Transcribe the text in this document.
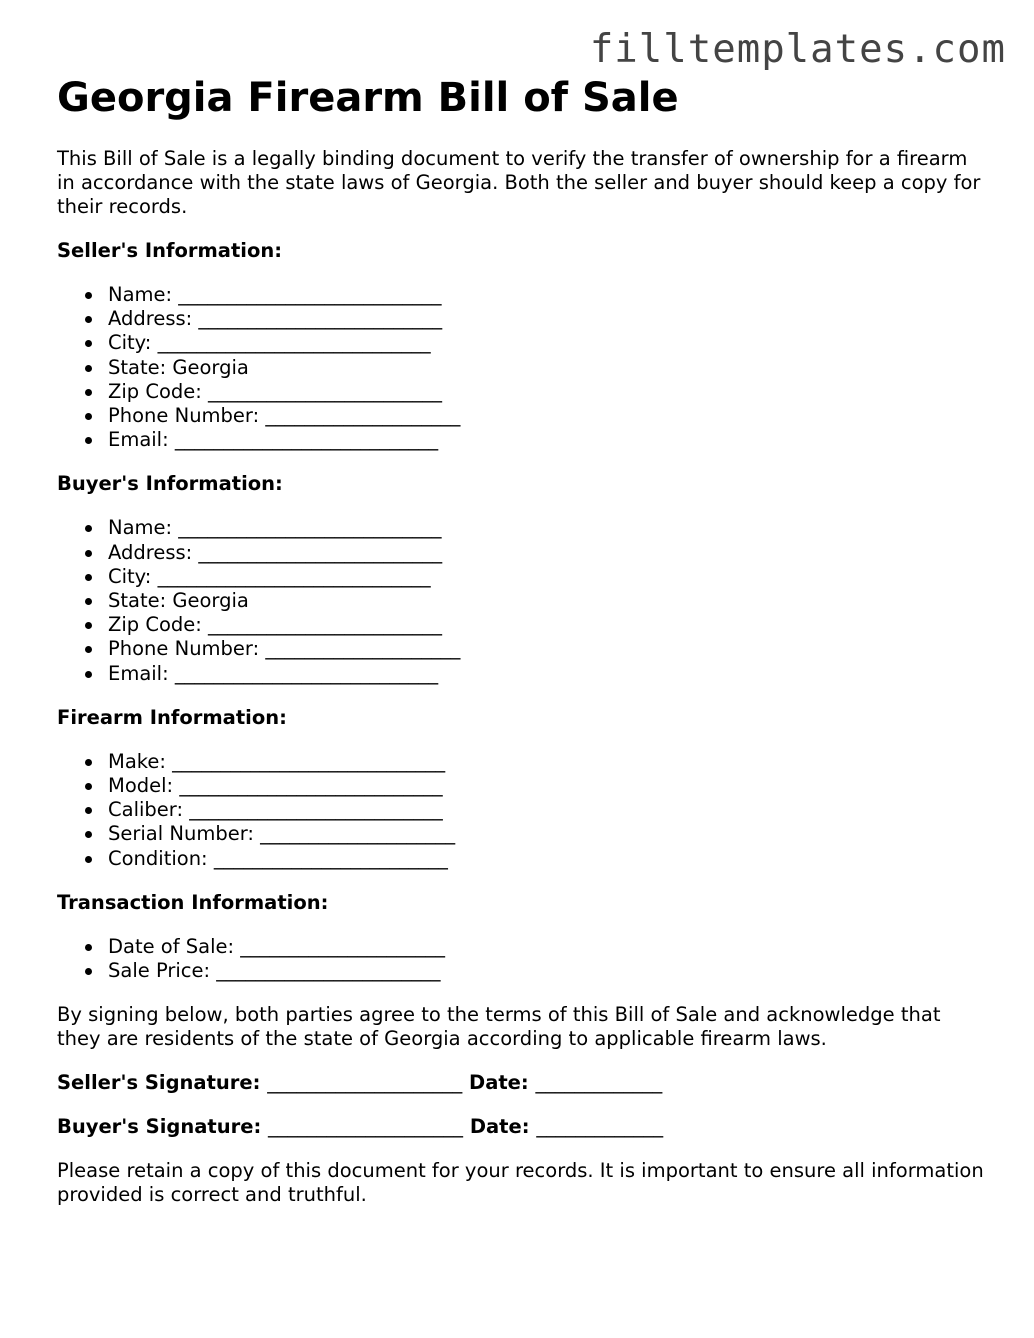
filltemplates.com
Georgia Firearm Bill of Sale

This Bill of Sale is a legally binding document to verify the transfer of ownership for a firearm in accordance with the state laws of Georgia. Both the seller and buyer should keep a copy for their records.

Seller's Information:
Name: ___________________________
Address: _________________________
City: ____________________________
State: Georgia
Zip Code: ________________________
Phone Number: ____________________
Email: ___________________________
Buyer's Information:
Name: ___________________________
Address: _________________________
City: ____________________________
State: Georgia
Zip Code: ________________________
Phone Number: ____________________
Email: ___________________________
Firearm Information:
Make: ____________________________
Model: ___________________________
Caliber: __________________________
Serial Number: ____________________
Condition: ________________________
Transaction Information:
Date of Sale: _____________________
Sale Price: _______________________

By signing below, both parties agree to the terms of this Bill of Sale and acknowledge that they are residents of the state of Georgia according to applicable firearm laws.

Seller's Signature: ____________________ Date: _____________
Buyer's Signature: ____________________ Date: _____________

Please retain a copy of this document for your records. It is important to ensure all information provided is correct and truthful.
